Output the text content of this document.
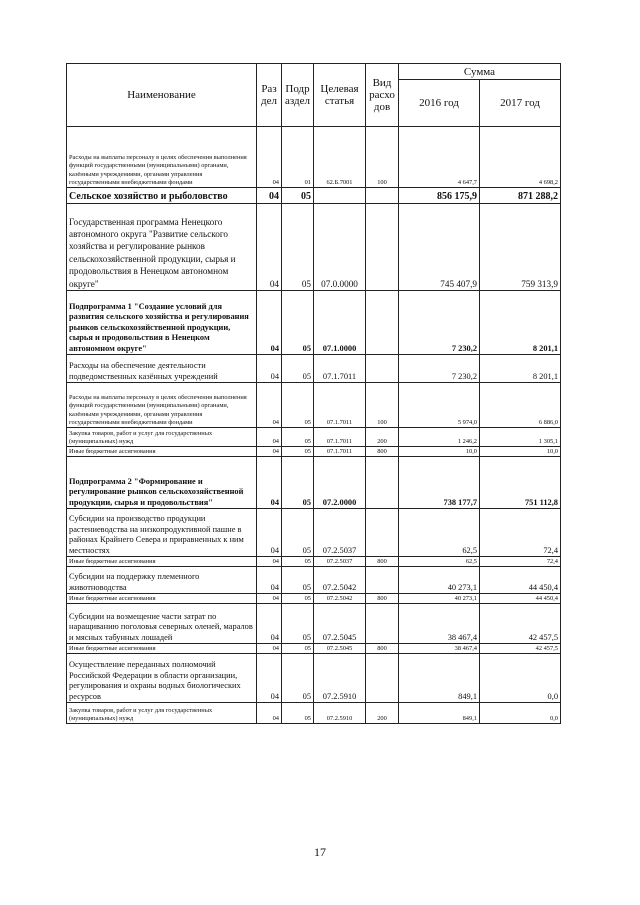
Наименование	Раз дел	Подр аздел	Целевая статья	Вид расхо дов	Сумма	
					2016 год	2017 год
Расходы на выплаты персоналу в целях обеспечения выполнения функций государственными (муниципальными) органами, казёнными учреждениями, органами управления государственными внебюджетными фондами	04	01	62.Б.7001	100	4 647,7	4 698,2
Сельское хозяйство и рыболовство	04	05			856 175,9	871 288,2
Государственная программа Ненецкого автономного округа "Развитие сельского хозяйства и регулирование рынков сельскохозяйственной продукции, сырья и продовольствия в Ненецком автономном округе"	04	05	07.0.0000		745 407,9	759 313,9
Подпрограмма 1 "Создание условий для развития сельского хозяйства и регулирования рынков сельскохозяйственной продукции, сырья и продовольствия в Ненецком автономном округе"	04	05	07.1.0000		7 230,2	8 201,1
Расходы на обеспечение деятельности подведомственных казённых учреждений	04	05	07.1.7011		7 230,2	8 201,1
Расходы на выплаты персоналу в целях обеспечения выполнения функций государственными (муниципальными) органами, казёнными учреждениями, органами управления государственными внебюджетными фондами	04	05	07.1.7011	100	5 974,0	6 886,0
Закупка товаров, работ и услуг для государственных (муниципальных) нужд	04	05	07.1.7011	200	1 246,2	1 305,1
Иные бюджетные ассигнования	04	05	07.1.7011	800	10,0	10,0
Подпрограмма 2 "Формирование и регулирование рынков сельскохозяйственной продукции, сырья и продовольствия"	04	05	07.2.0000		738 177,7	751 112,8
Субсидии на производство продукции растениеводства на низкопродуктивной пашне в районах Крайнего Севера и приравненных к ним местностях	04	05	07.2.5037		62,5	72,4
Иные бюджетные ассигнования	04	05	07.2.5037	800	62,5	72,4
Субсидии на поддержку племенного животноводства	04	05	07.2.5042		40 273,1	44 450,4
Иные бюджетные ассигнования	04	05	07.2.5042	800	40 273,1	44 450,4
Субсидии на возмещение части затрат по наращиванию поголовья северных оленей, маралов и мясных табунных лошадей	04	05	07.2.5045		38 467,4	42 457,5
Иные бюджетные ассигнования	04	05	07.2.5045	800	38 467,4	42 457,5
Осуществление переданных полномочий Российской Федерации в области организации, регулирования и охраны водных биологических ресурсов	04	05	07.2.5910		849,1	0,0
Закупка товаров, работ и услуг для государственных (муниципальных) нужд	04	05	07.2.5910	200	849,1	0,0
17
